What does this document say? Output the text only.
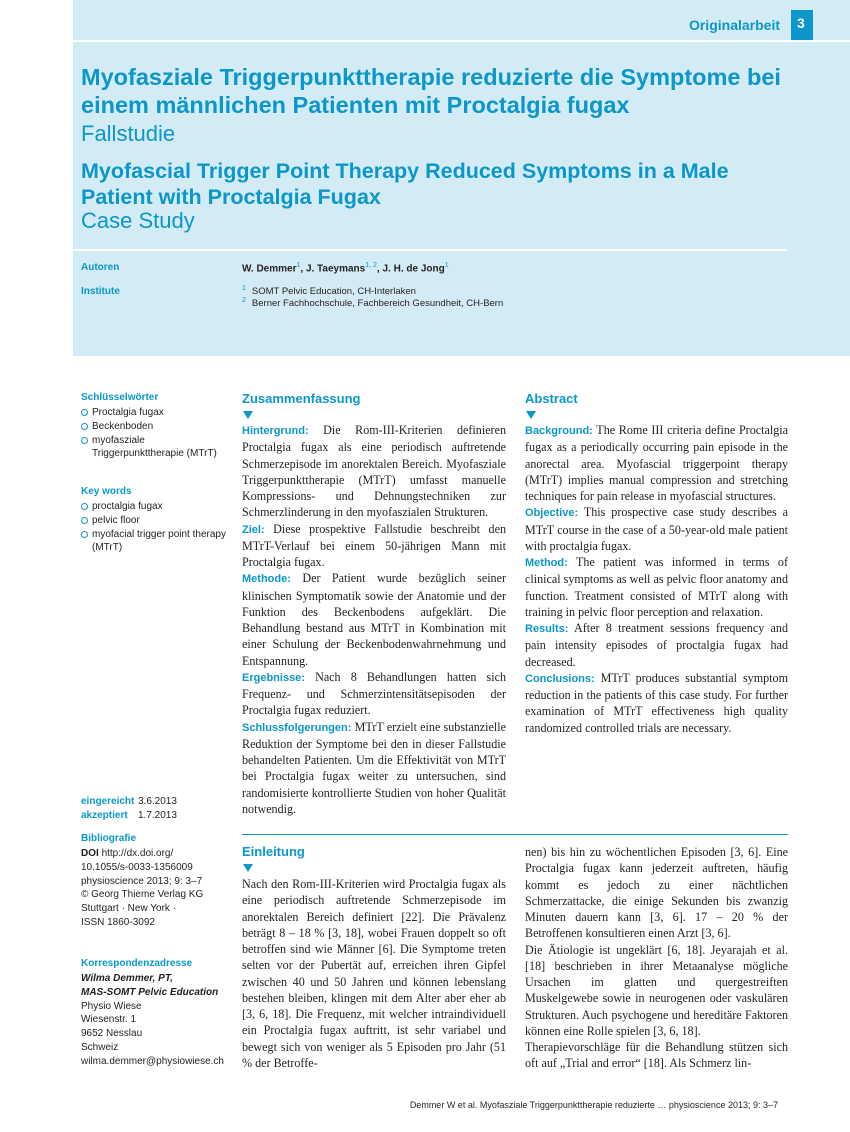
Originalarbeit 3
Myofasziale Triggerpunkttherapie reduzierte die Symptome bei einem männlichen Patienten mit Proctalgia fugax
Fallstudie
Myofascial Trigger Point Therapy Reduced Symptoms in a Male Patient with Proctalgia Fugax
Case Study
Autoren
Institute
W. Demmer$^1$, J. Taeymans$^{1, 2}$, J. H. de Jong$^1$
$^1$ SOMT Pelvic Education, CH-Interlaken
$^2$ Berner Fachhochschule, Fachbereich Gesundheit, CH-Bern
Schlüsselwörter
Proctalgia fugax
Beckenboden
myofasziale Triggerpunkttherapie (MTrT)
Key words
proctalgia fugax
pelvic floor
myofacial trigger point therapy (MTrT)
eingereicht 3.6.2013
akzeptiert 1.7.2013
Bibliografie
DOI http://dx.doi.org/
10.1055/s-0033-1356009
physioscience 2013; 9: 3–7
© Georg Thieme Verlag KG
Stuttgart · New York ·
ISSN 1860-3092
Korrespondenzadresse
Wilma Demmer, PT,
MAS-SOMT Pelvic Education
Physio Wiese
Wiesenstr. 1
9652 Nesslau
Schweiz
wilma.demmer@physiowiese.ch
Zusammenfassung

Hintergrund: Die Rom-III-Kriterien definieren Proctalgia fugax als eine periodisch auftretende Schmerzepisode im anorektalen Bereich. Myofasziale Triggerpunkttherapie (MTrT) umfasst manuelle Kompressions- und Dehnungstechniken zur Schmerzlinderung in den myofaszialen Strukturen.

Ziel: Diese prospektive Fallstudie beschreibt den MTrT-Verlauf bei einem 50-jährigen Mann mit Proctalgia fugax.

Methode: Der Patient wurde bezüglich seiner klinischen Symptomatik sowie der Anatomie und der Funktion des Beckenbodens aufgeklärt. Die Behandlung bestand aus MTrT in Kombination mit einer Schulung der Beckenbodenwahrnehmung und Entspannung.

Ergebnisse: Nach 8 Behandlungen hatten sich Frequenz- und Schmerzintensitätsepisoden der Proctalgia fugax reduziert.

Schlussfolgerungen: MTrT erzielt eine substanzielle Reduktion der Symptome bei den in dieser Fallstudie behandelten Patienten. Um die Effektivität von MTrT bei Proctalgia fugax weiter zu untersuchen, sind randomisierte kontrollierte Studien von hoher Qualität notwendig.

Abstract

Background: The Rome III criteria define Proctalgia fugax as a periodically occurring pain episode in the anorectal area. Myofascial triggerpoint therapy (MTrT) implies manual compression and stretching techniques for pain release in myofascial structures.

Objective: This prospective case study describes a MTrT course in the case of a 50-year-old male patient with proctalgia fugax.

Method: The patient was informed in terms of clinical symptoms as well as pelvic floor anatomy and function. Treatment consisted of MTrT along with training in pelvic floor perception and relaxation.

Results: After 8 treatment sessions frequency and pain intensity episodes of proctalgia fugax had decreased.

Conclusions: MTrT produces substantial symptom reduction in the patients of this case study. For further examination of MTrT effectiveness high quality randomized controlled trials are necessary.

Einleitung

Nach den Rom-III-Kriterien wird Proctalgia fugax als eine periodisch auftretende Schmerzepisode im anorektalen Bereich definiert [22]. Die Prävalenz beträgt 8 – 18 % [3, 18], wobei Frauen doppelt so oft betroffen sind wie Männer [6]. Die Symptome treten selten vor der Pubertät auf, erreichen ihren Gipfel zwischen 40 und 50 Jahren und können lebenslang bestehen bleiben, klingen mit dem Alter aber eher ab [3, 6, 18]. Die Frequenz, mit welcher intraindividuell ein Proctalgia fugax auftritt, ist sehr variabel und bewegt sich von weniger als 5 Episoden pro Jahr (51 % der Betroffe-

nen) bis hin zu wöchentlichen Episoden [3, 6]. Eine Proctalgia fugax kann jederzeit auftreten, häufig kommt es jedoch zu einer nächtlichen Schmerzattacke, die einige Sekunden bis zwanzig Minuten dauern kann [3, 6]. 17 – 20 % der Betroffenen konsultieren einen Arzt [3, 6].

Die Ätiologie ist ungeklärt [6, 18]. Jeyarajah et al. [18] beschrieben in ihrer Metaanalyse mögliche Ursachen im glatten und quergestreiften Muskelgewebe sowie in neurogenen oder vaskulären Strukturen. Auch psychogene und hereditäre Faktoren können eine Rolle spielen [3, 6, 18].

Therapievorschläge für die Behandlung stützen sich oft auf „Trial and error“ [18]. Als Schmerz lin-

Demmer W et al. Myofasziale Triggerpunkttherapie reduzierte … physioscience 2013; 9: 3–7
